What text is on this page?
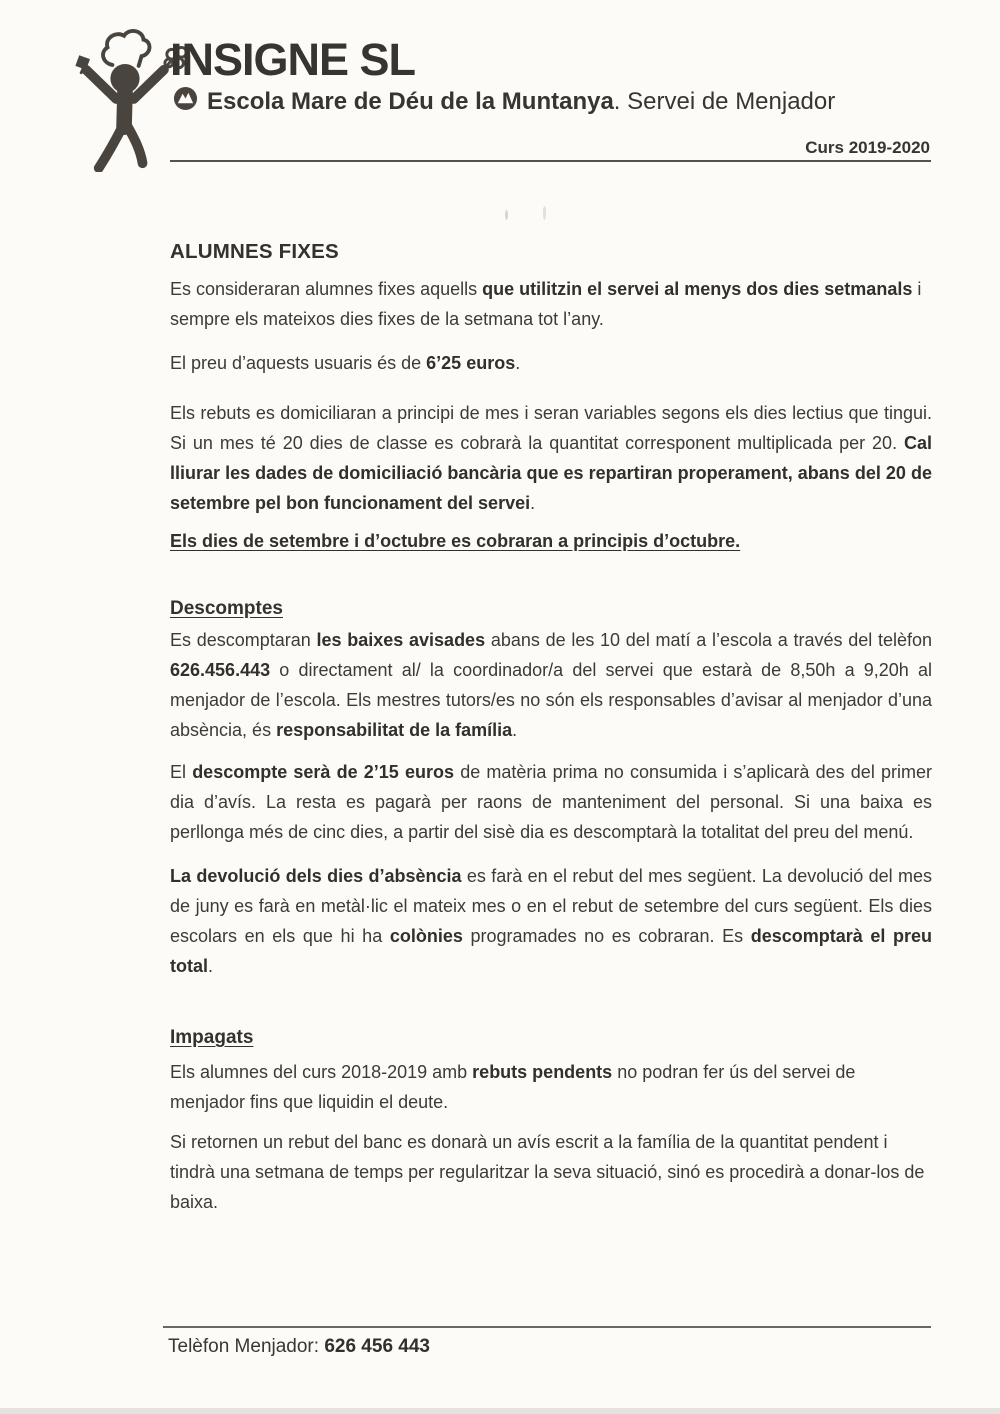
INSIGNE SL
Escola Mare de Déu de la Muntanya. Servei de Menjador
Curs 2019-2020
ALUMNES FIXES

Es consideraran alumnes fixes aquells que utilitzin el servei al menys dos dies setmanals i sempre els mateixos dies fixes de la setmana tot l’any.

El preu d’aquests usuaris és de 6’25 euros.

Els rebuts es domiciliaran a principi de mes i seran variables segons els dies lectius que tingui. Si un mes té 20 dies de classe es cobrarà la quantitat corresponent multiplicada per 20. Cal lliurar les dades de domiciliació bancària que es repartiran properament, abans del 20 de setembre pel bon funcionament del servei.

Els dies de setembre i d’octubre es cobraran a principis d’octubre.

Descomptes

Es descomptaran les baixes avisades abans de les 10 del matí a l’escola a través del telèfon 626.456.443 o directament al/ la coordinador/a del servei que estarà de 8,50h a 9,20h al menjador de l’escola. Els mestres tutors/es no són els responsables d’avisar al menjador d’una absència, és responsabilitat de la família.

El descompte serà de 2’15 euros de matèria prima no consumida i s’aplicarà des del primer dia d’avís. La resta es pagarà per raons de manteniment del personal. Si una baixa es perllonga més de cinc dies, a partir del sisè dia es descomptarà la totalitat del preu del menú.

La devolució dels dies d’absència es farà en el rebut del mes següent. La devolució del mes de juny es farà en metàl·lic el mateix mes o en el rebut de setembre del curs següent. Els dies escolars en els que hi ha colònies programades no es cobraran. Es descomptarà el preu total.

Impagats

Els alumnes del curs 2018-2019 amb rebuts pendents no podran fer ús del servei de menjador fins que liquidin el deute.

Si retornen un rebut del banc es donarà un avís escrit a la família de la quantitat pendent i tindrà una setmana de temps per regularitzar la seva situació, sinó es procedirà a donar-los de baixa.

Telèfon Menjador: 626 456 443
